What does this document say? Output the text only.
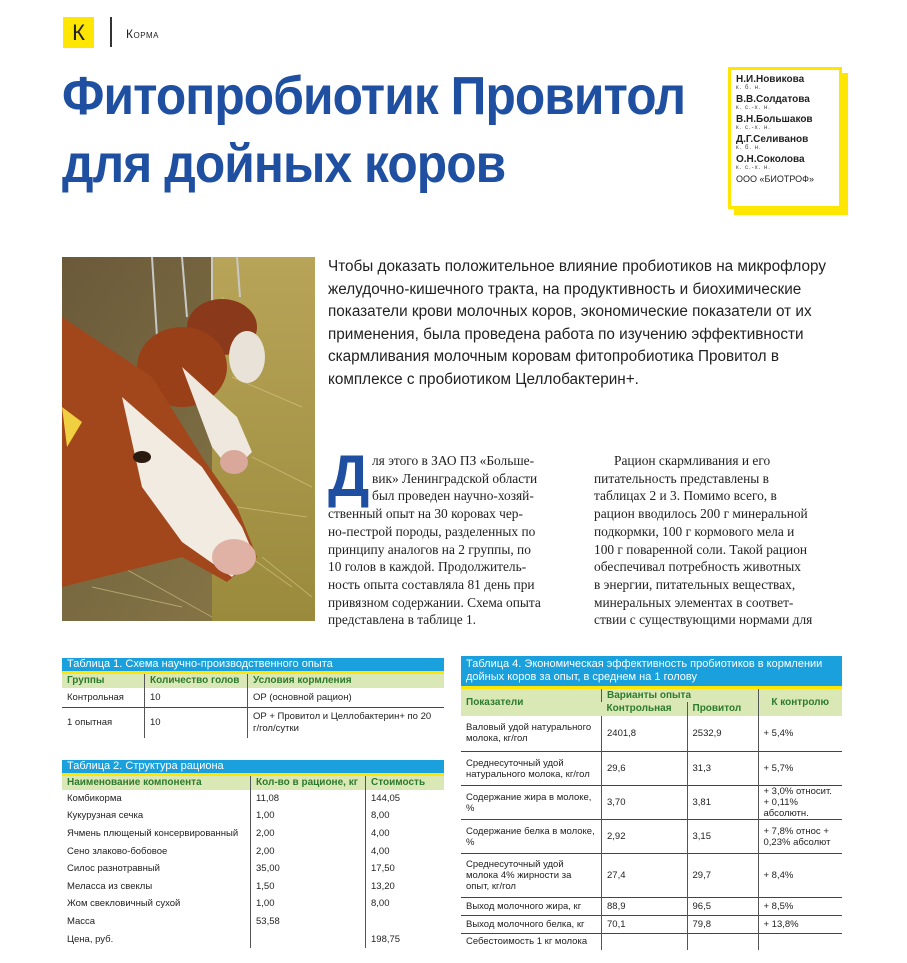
К	Корма
Фитопробиотик Провитол
для дойных коров
Н.И.Новикова
к. б. н.
В.В.Солдатова
к. с.-х. н.
В.Н.Большаков
к. с.-х. н.
Д.Г.Селиванов
к. б. н.
О.Н.Соколова
к. с.-х. н.
ООО «БИОТРОФ»
Чтобы доказать положительное влияние пробиотиков на микрофлору желудочно-кишечного тракта, на продуктивность и биохимические показатели крови молочных коров, экономические показатели от их применения, была проведена работа по изучению эффективности скармливания молочным коровам фитопробиотика Провитол в комплексе с пробиотиком Целлобактерин+.
Д ля этого в ЗАО ПЗ «Больше-
вик» Ленинградской области
был проведен научно-хозяй-
ственный опыт на 30 коровах чер-
но-пестрой породы, разделенных по
принципу аналогов на 2 группы, по
10 голов в каждой. Продолжитель-
ность опыта составляла 81 день при
привязном содержании. Схема опыта
представлена в таблице 1.
Рацион скармливания и его
питательность представлены в
таблицах 2 и 3. Помимо всего, в
рацион вводилось 200 г минеральной
подкормки, 100 г кормового мела и
100 г поваренной соли. Такой рацион
обеспечивал потребность животных
в энергии, питательных веществах,
минеральных элементах в соответ-
ствии с существующими нормами для
Таблица 1. Схема научно-производственного опыта		
Группы	Количество голов	Условия кормления
Контрольная	10	ОР (основной рацион)
1 опытная	10	ОР + Провитол и Целлобактерин+ по 20 г/гол/сутки
Таблица 2. Структура рациона		
Наименование компонента	Кол-во в рационе, кг	Стоимость
Комбикорма	11,08	144,05
Кукурузная сечка	1,00	8,00
Ячмень плющеный консервированный	2,00	4,00
Сено злаково-бобовое	2,00	4,00
Силос разнотравный	35,00	17,50
Меласса из свеклы	1,50	13,20
Жом свекловичный сухой	1,00	8,00
Масса	53,58	
Цена, руб.		198,75
Таблица 4. Экономическая эффективность пробиотиков в кормлении дойных коров за опыт, в среднем на 1 голову			
Показатели	Варианты опыта		К контролю
	Контрольная	Провитол	
Валовый удой натурального молока, кг/гол	2401,8	2532,9	+ 5,4%
Среднесуточный удой натурального молока, кг/гол	29,6	31,3	+ 5,7%
Содержание жира в молоке, %	3,70	3,81	+ 3,0% относит. + 0,11% абсолютн.
Содержание белка в молоке, %	2,92	3,15	+ 7,8% относ + 0,23% абсолют
Среднесуточный удой молока 4% жирности за опыт, кг/гол	27,4	29,7	+ 8,4%
Выход молочного жира, кг	88,9	96,5	+ 8,5%
Выход молочного белка, кг	70,1	79,8	+ 13,8%
Себестоимость 1 кг молока			
